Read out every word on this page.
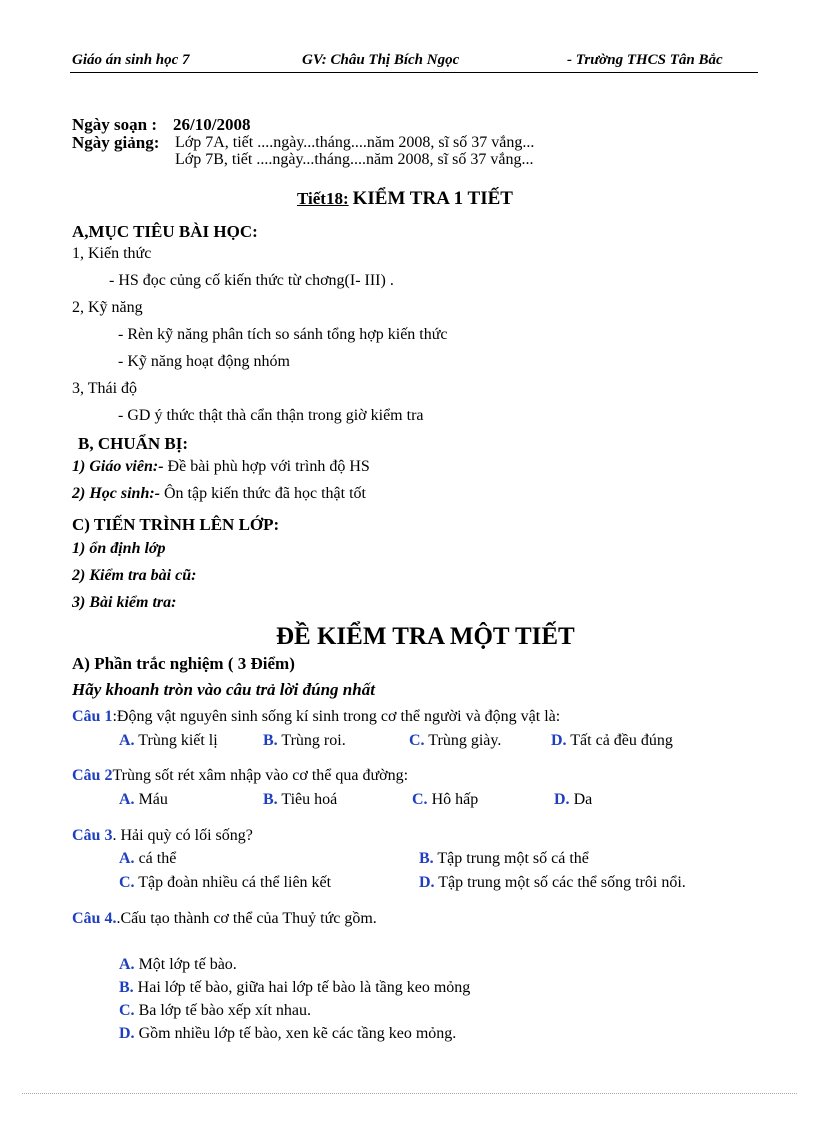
Giáo án sinh học 7	GV: Châu Thị Bích Ngọc	- Trường THCS Tân Bắc
Ngày soạn : 26/10/2008
Ngày giảng: Lớp 7A, tiết ....ngày...tháng....năm 2008, sĩ số 37 vắng...
Lớp 7B, tiết ....ngày...tháng....năm 2008, sĩ số 37 vắng...
Tiết18: KIỂM TRA 1 TIẾT
A,MỤC TIÊU BÀI HỌC:
1, Kiến thức
- HS đọc củng cố kiến thức từ chơng(I- III) .
2, Kỹ năng
- Rèn kỹ năng phân tích so sánh tổng hợp kiến thức
- Kỹ năng hoạt động nhóm
3, Thái độ
- GD ý thức thật thà cẩn thận trong giờ kiểm tra
B, CHUẨN BỊ:
1) Giáo viên:- Đề bài phù hợp với trình độ HS
2) Học sinh:- Ôn tập kiến thức đã học thật tốt
C) TIẾN TRÌNH LÊN LỚP:
1) ổn định lớp
2) Kiểm tra bài cũ:
3) Bài kiểm tra:
ĐỀ KIỂM TRA MỘT TIẾT
A) Phần trắc nghiệm ( 3 Điểm)
Hãy khoanh tròn vào câu trả lời đúng nhất
Câu 1:Động vật nguyên sinh sống kí sinh trong cơ thể người và động vật là:
A. Trùng kiết lị	B. Trùng roi.	C. Trùng giày.	D. Tất cả đều đúng
Câu 2Trùng sốt rét xâm nhập vào cơ thể qua đường:
A. Máu	B. Tiêu hoá	C. Hô hấp	D. Da
Câu 3. Hải quỳ có lối sống?
A. cá thể	B. Tập trung một số cá thể
C. Tập đoàn nhiều cá thể liên kết	D. Tập trung một số các thể sống trôi nổi.
Câu 4..Cấu tạo thành cơ thể của Thuỷ tức gồm.
A. Một lớp tế bào.
B. Hai lớp tế bào, giữa hai lớp tế bào là tầng keo mỏng
C. Ba lớp tế bào xếp xít nhau.
D. Gồm nhiều lớp tế bào, xen kẽ các tầng keo mỏng.
